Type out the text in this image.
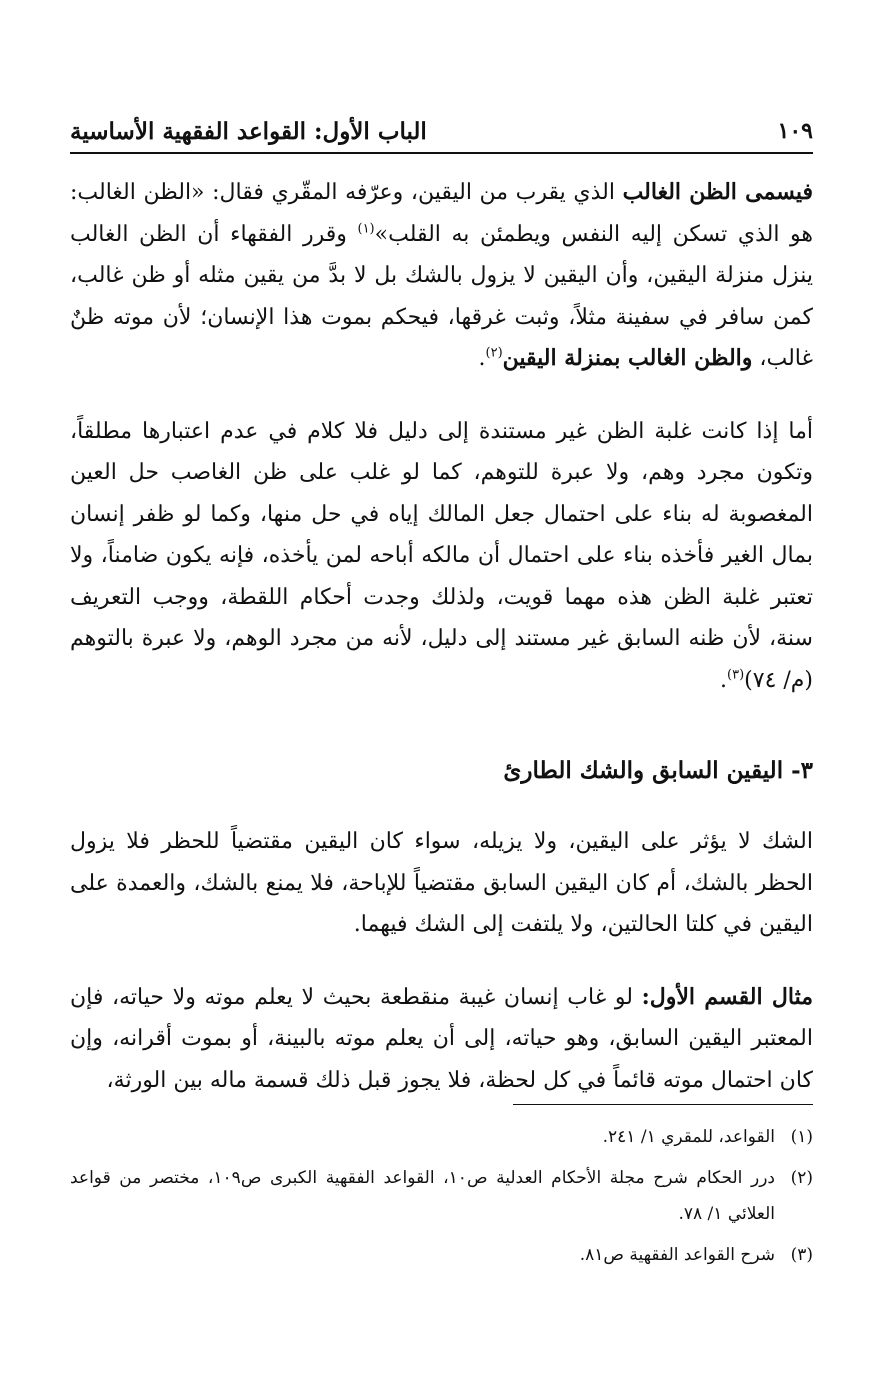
الباب الأول: القواعد الفقهية الأساسية	١٠٩

فيسمى الظن الغالب الذي يقرب من اليقين، وعرّفه المقّري فقال: «الظن الغالب: هو الذي تسكن إليه النفس ويطمئن به القلب»$^{(١)}$ وقرر الفقهاء أن الظن الغالب ينزل منزلة اليقين، وأن اليقين لا يزول بالشك بل لا بدَّ من يقين مثله أو ظن غالب، كمن سافر في سفينة مثلاً، وثبت غرقها، فيحكم بموت هذا الإنسان؛ لأن موته ظنٌ غالب، والظن الغالب بمنزلة اليقين$^{(٢)}$.

أما إذا كانت غلبة الظن غير مستندة إلى دليل فلا كلام في عدم اعتبارها مطلقاً، وتكون مجرد وهم، ولا عبرة للتوهم، كما لو غلب على ظن الغاصب حل العين المغصوبة له بناء على احتمال جعل المالك إياه في حل منها، وكما لو ظفر إنسان بمال الغير فأخذه بناء على احتمال أن مالكه أباحه لمن يأخذه، فإنه يكون ضامناً، ولا تعتبر غلبة الظن هذه مهما قويت، ولذلك وجدت أحكام اللقطة، ووجب التعريف سنة، لأن ظنه السابق غير مستند إلى دليل، لأنه من مجرد الوهم، ولا عبرة بالتوهم (م/ ٧٤)$^{(٣)}$.

٣- اليقين السابق والشك الطارئ

الشك لا يؤثر على اليقين، ولا يزيله، سواء كان اليقين مقتضياً للحظر فلا يزول الحظر بالشك، أم كان اليقين السابق مقتضياً للإباحة، فلا يمنع بالشك، والعمدة على اليقين في كلتا الحالتين، ولا يلتفت إلى الشك فيهما.

مثال القسم الأول: لو غاب إنسان غيبة منقطعة بحيث لا يعلم موته ولا حياته، فإن المعتبر اليقين السابق، وهو حياته، إلى أن يعلم موته بالبينة، أو بموت أقرانه، وإن كان احتمال موته قائماً في كل لحظة، فلا يجوز قبل ذلك قسمة ماله بين الورثة،

(١)
القواعد، للمقري ١/ ٢٤١.
(٢)
درر الحكام شرح مجلة الأحكام العدلية ص١٠، القواعد الفقهية الكبرى ص١٠٩، مختصر من قواعد العلائي ١/ ٧٨.
(٣)
شرح القواعد الفقهية ص٨١.
